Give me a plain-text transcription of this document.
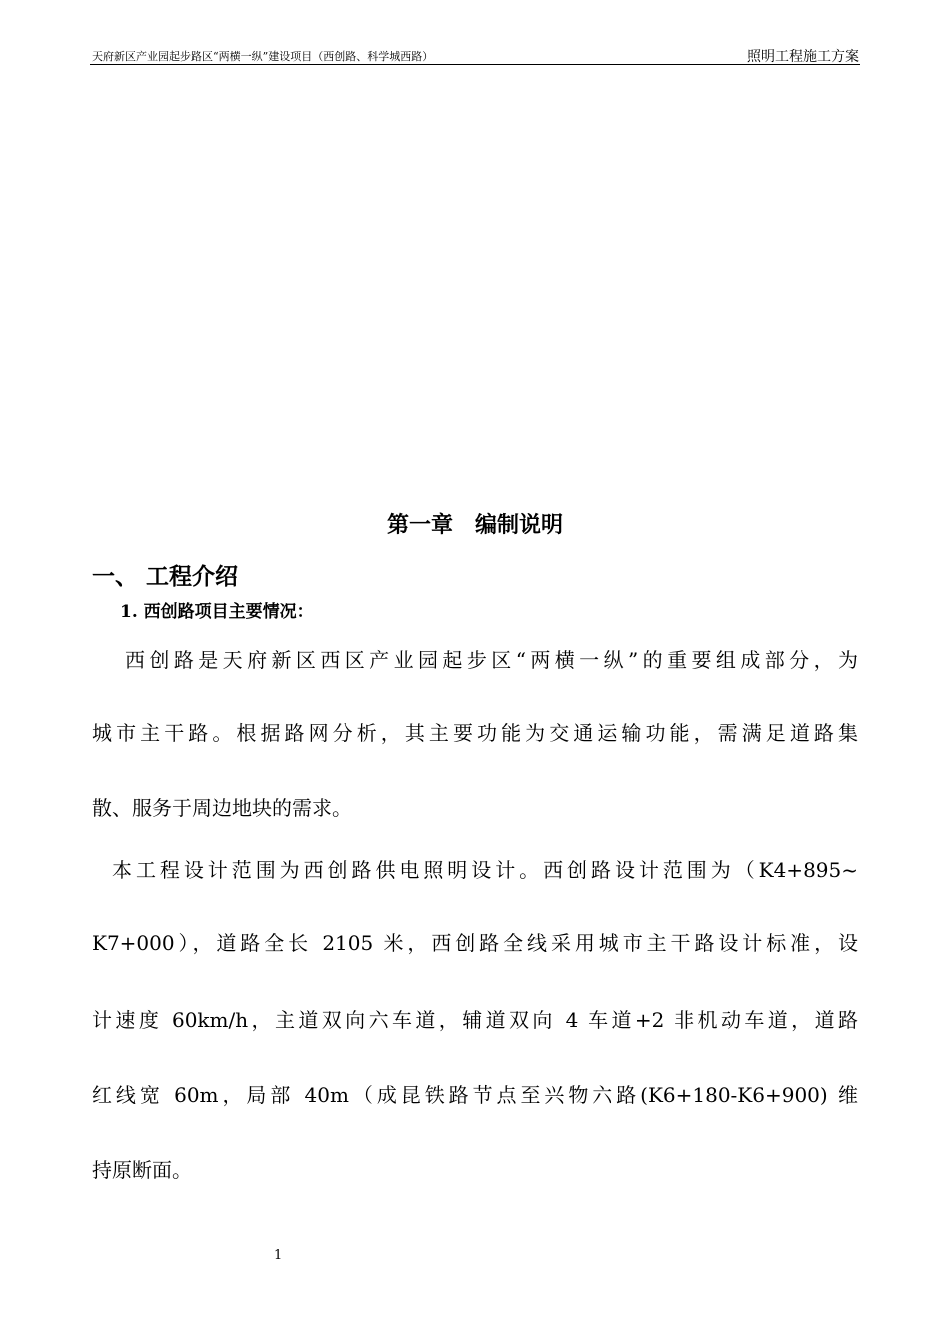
天府新区产业园起步路区“两横一纵”建设项目（西创路、科学城西路）	照明工程施工方案
第一章　编制说明
一、 工程介绍
1. 西创路项目主要情况：
西创路是天府新区西区产业园起步区“两横一纵”的重要组成部分，为
城市主干路。根据路网分析，其主要功能为交通运输功能，需满足道路集
散、服务于周边地块的需求。
本工程设计范围为西创路供电照明设计。西创路设计范围为（K4+895~
K7+000），道路全长 2105 米，西创路全线采用城市主干路设计标准，设
计速度 60km/h，主道双向六车道，辅道双向 4 车道+2 非机动车道，道路
红线宽 60m，局部 40m（成昆铁路节点至兴物六路(K6+180-K6+900) 维
持原断面。
1
